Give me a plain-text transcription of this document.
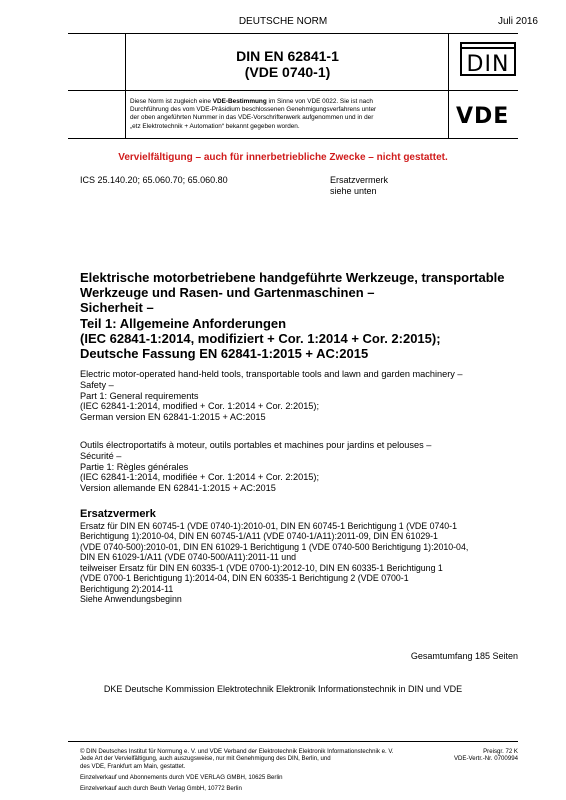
DEUTSCHE NORM	Juli 2016
DIN EN 62841-1
(VDE 0740-1)	DIN
Diese Norm ist zugleich eine VDE-Bestimmung im Sinne von VDE 0022. Sie ist nach
Durchführung des vom VDE-Präsidium beschlossenen Genehmigungsverfahrens unter
der oben angeführten Nummer in das VDE-Vorschriftenwerk aufgenommen und in der
„etz Elektrotechnik + Automation“ bekannt gegeben worden.	VDE
Vervielfältigung – auch für innerbetriebliche Zwecke – nicht gestattet.
ICS 25.140.20; 65.060.70; 65.060.80	Ersatzvermerk
siehe unten
Elektrische motorbetriebene handgeführte Werkzeuge, transportable
Werkzeuge und Rasen- und Gartenmaschinen –
Sicherheit –
Teil 1: Allgemeine Anforderungen
(IEC 62841-1:2014, modifiziert + Cor. 1:2014 + Cor. 2:2015);
Deutsche Fassung EN 62841-1:2015 + AC:2015
Electric motor-operated hand-held tools, transportable tools and lawn and garden machinery –
Safety –
Part 1: General requirements
(IEC 62841-1:2014, modified + Cor. 1:2014 + Cor. 2:2015);
German version EN 62841-1:2015 + AC:2015
Outils électroportatifs à moteur, outils portables et machines pour jardins et pelouses –
Sécurité –
Partie 1: Règles générales
(IEC 62841-1:2014, modifiée + Cor. 1:2014 + Cor. 2:2015);
Version allemande EN 62841-1:2015 + AC:2015
Ersatzvermerk
Ersatz für DIN EN 60745-1 (VDE 0740-1):2010-01, DIN EN 60745-1 Berichtigung 1 (VDE 0740-1
Berichtigung 1):2010-04, DIN EN 60745-1/A11 (VDE 0740-1/A11):2011-09, DIN EN 61029-1
(VDE 0740-500):2010-01, DIN EN 61029-1 Berichtigung 1 (VDE 0740-500 Berichtigung 1):2010-04,
DIN EN 61029-1/A11 (VDE 0740-500/A11):2011-11 und
teilweiser Ersatz für DIN EN 60335-1 (VDE 0700-1):2012-10, DIN EN 60335-1 Berichtigung 1
(VDE 0700-1 Berichtigung 1):2014-04, DIN EN 60335-1 Berichtigung 2 (VDE 0700-1
Berichtigung 2):2014-11
Siehe Anwendungsbeginn
Gesamtumfang 185 Seiten
DKE Deutsche Kommission Elektrotechnik Elektronik Informationstechnik in DIN und VDE
© DIN Deutsches Institut für Normung e. V. und VDE Verband der Elektrotechnik Elektronik Informationstechnik e. V.
Jede Art der Vervielfältigung, auch auszugsweise, nur mit Genehmigung des DIN, Berlin, und
des VDE, Frankfurt am Main, gestattet.
Preisgr. 72 K
VDE-Vertr.-Nr. 0700994
Einzelverkauf und Abonnements durch VDE VERLAG GMBH, 10625 Berlin
Einzelverkauf auch durch Beuth Verlag GmbH, 10772 Berlin
